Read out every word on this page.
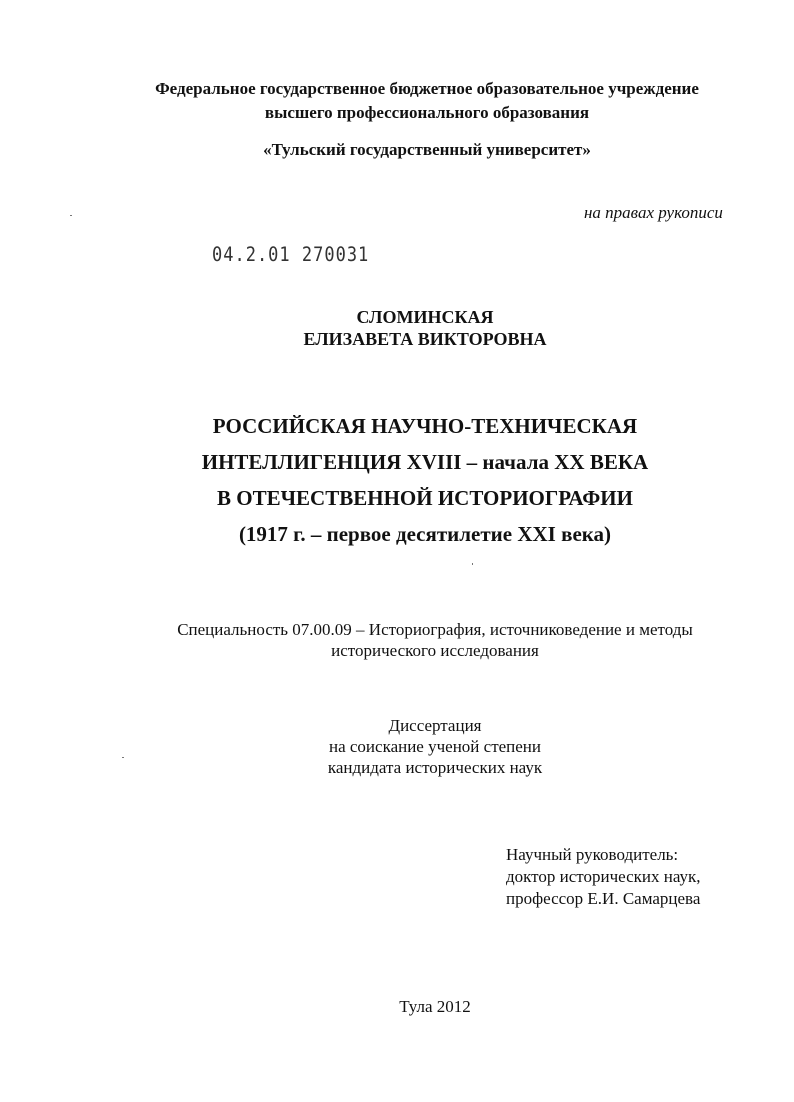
Федеральное государственное бюджетное образовательное учреждение
высшего профессионального образования
«Тульский государственный университет»
на правах рукописи
04.2.01 270031
СЛОМИНСКАЯ
ЕЛИЗАВЕТА ВИКТОРОВНА
РОССИЙСКАЯ НАУЧНО-ТЕХНИЧЕСКАЯ
ИНТЕЛЛИГЕНЦИЯ XVIII – начала XX ВЕКА
В ОТЕЧЕСТВЕННОЙ ИСТОРИОГРАФИИ
(1917 г. – первое десятилетие XXI века)
Специальность 07.00.09 – Историография, источниковедение и методы
исторического исследования
Диссертация
на соискание ученой степени
кандидата исторических наук
Научный руководитель:
доктор исторических наук,
профессор Е.И. Самарцева
Тула 2012
